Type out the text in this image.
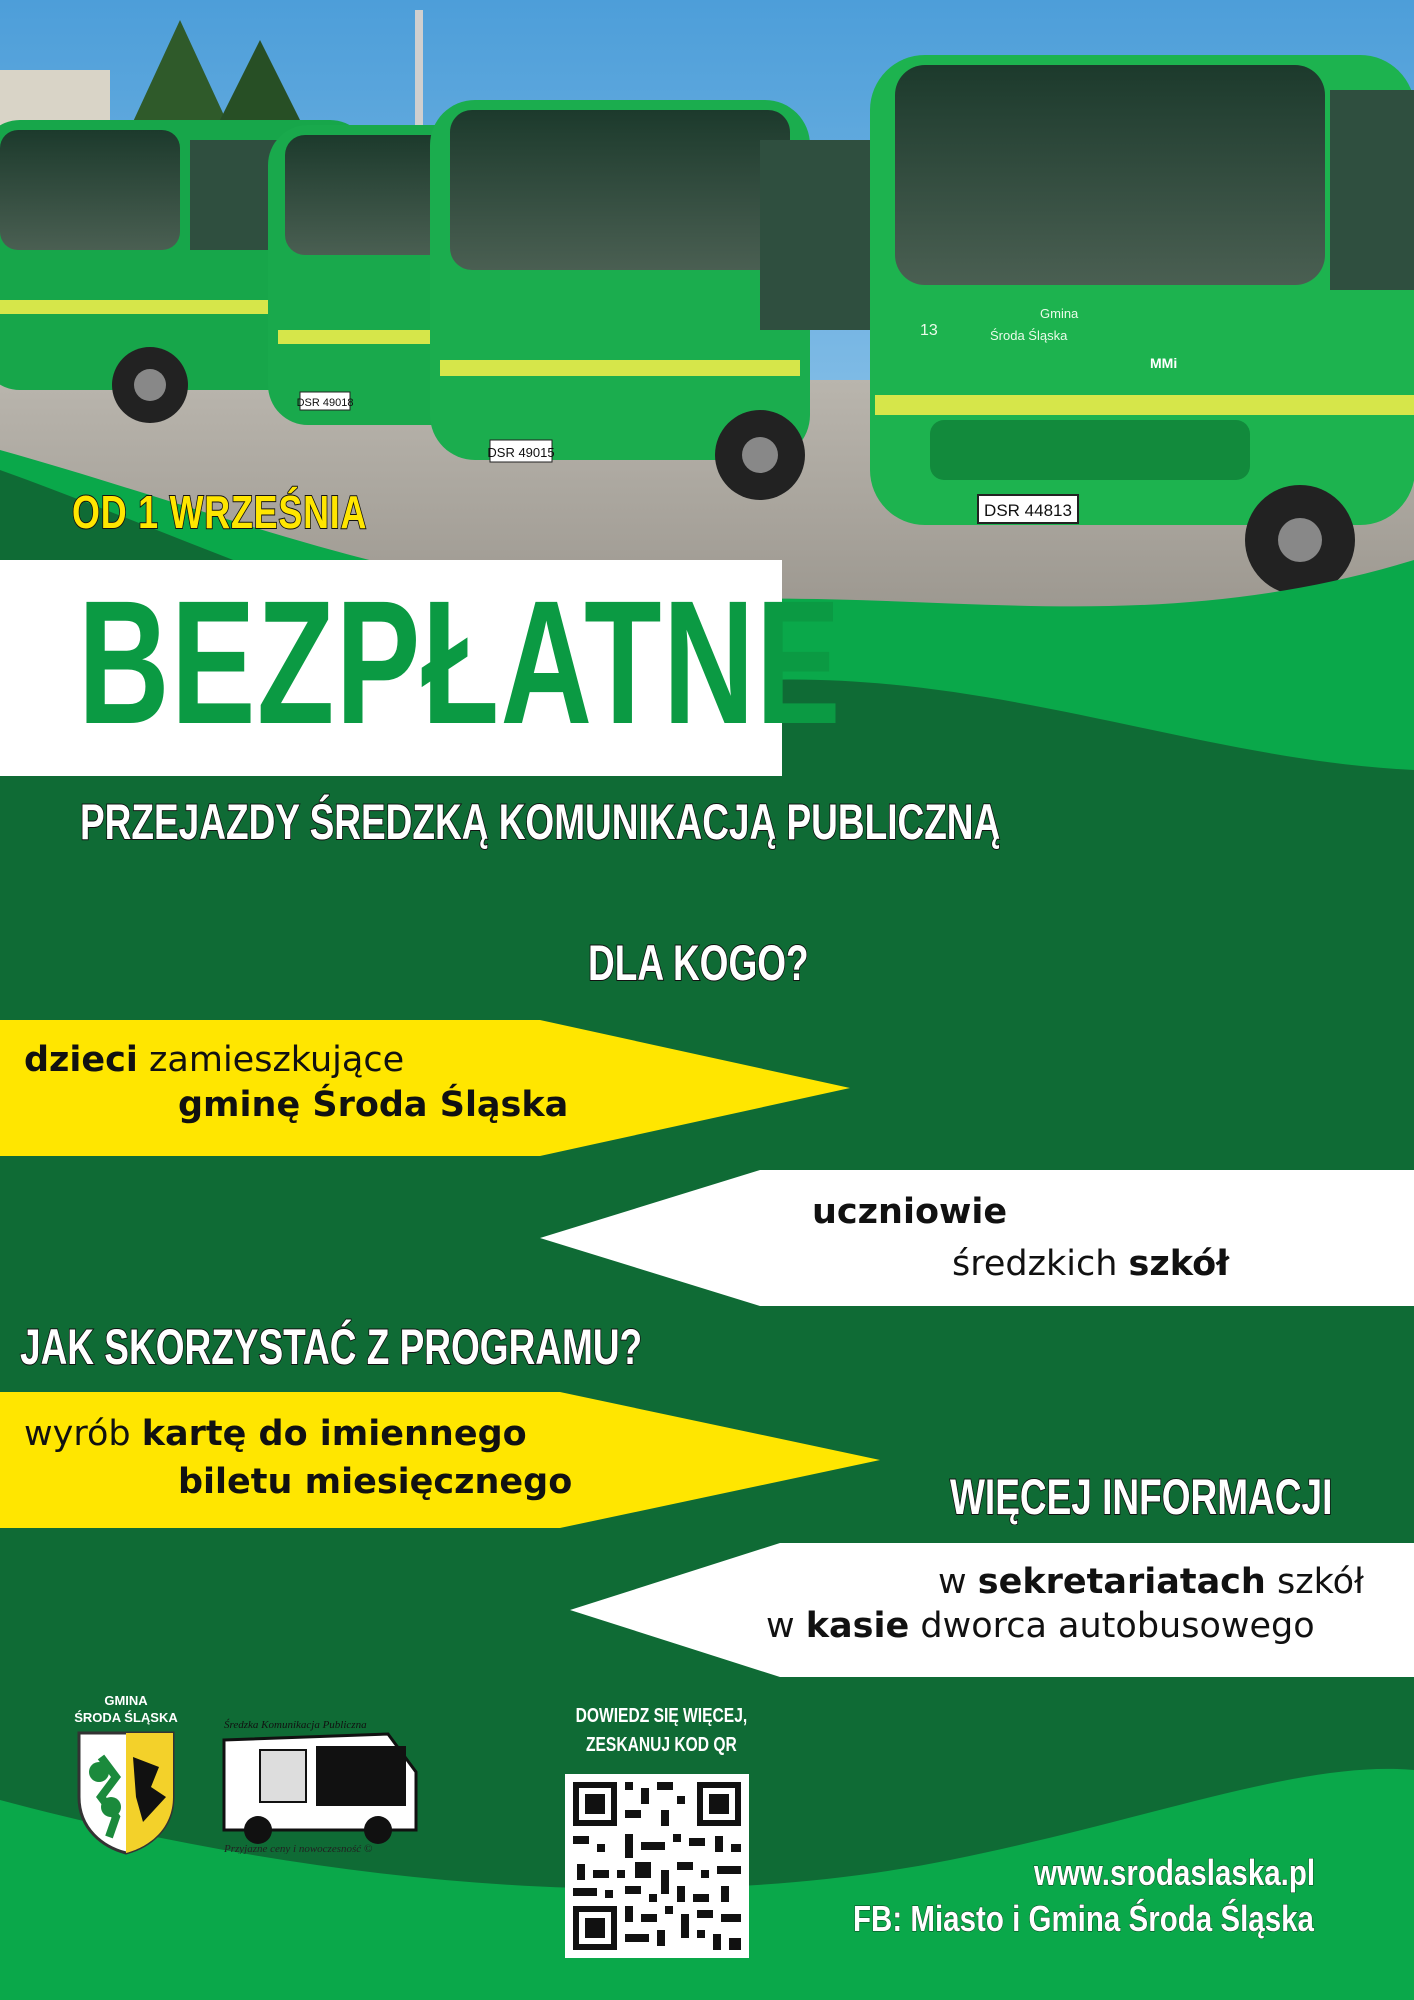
DSR 49018
DSR 49015
Gmina
Środa Śląska
MMi
13
DSR 44813
OD 1 WRZEŚNIA
BEZPŁATNE
PRZEJAZDY ŚREDZKĄ KOMUNIKACJĄ PUBLICZNĄ
DLA KOGO?
dzieci zamieszkujące
gminę Środa Śląska
uczniowie
średzkich szkół
JAK SKORZYSTAĆ Z PROGRAMU?
wyrób kartę do imiennego
biletu miesięcznego	WIĘCEJ INFORMACJI
w sekretariatach szkół
w kasie dworca autobusowego
GMINA
ŚRODA ŚLĄSKA
Średzka Komunikacja Publiczna
Przyjazne ceny i nowoczesność ©
DOWIEDZ SIĘ WIĘCEJ,
ZESKANUJ KOD QR
www.srodaslaska.pl
FB: Miasto i Gmina Środa Śląska
